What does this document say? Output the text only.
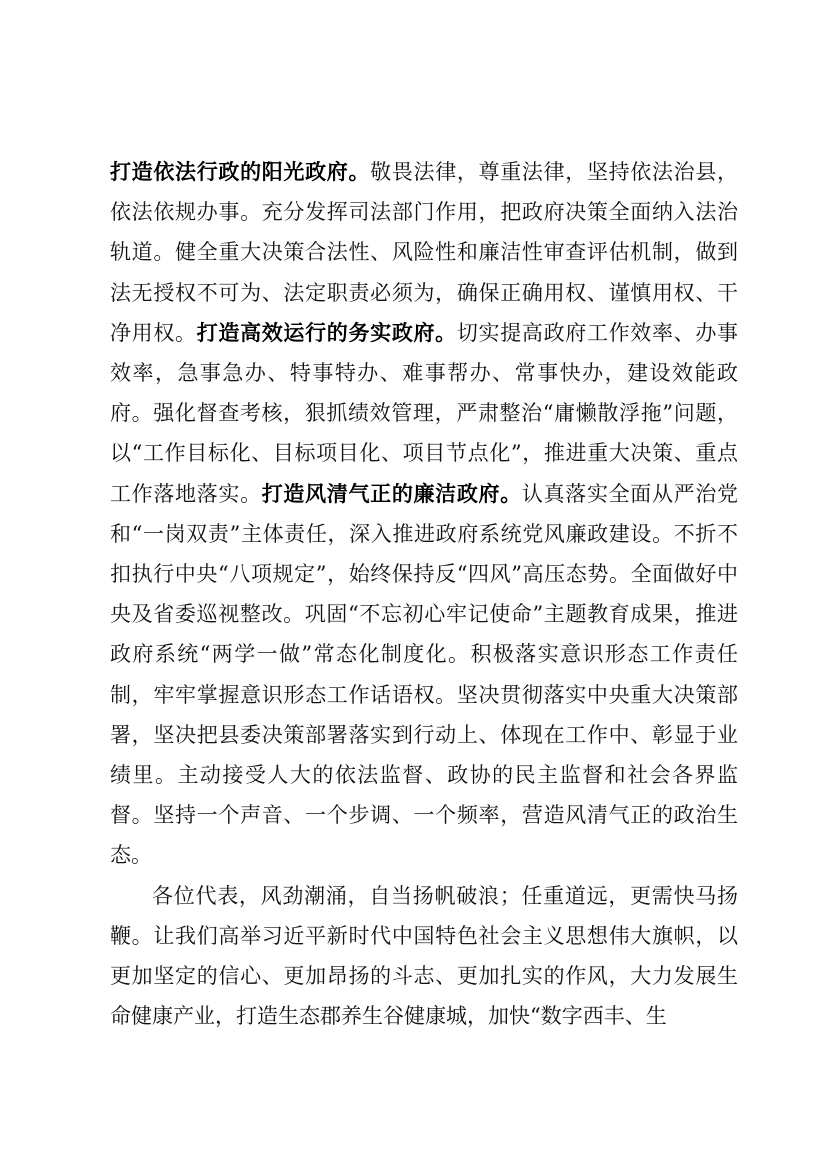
打造依法行政的阳光政府。敬畏法律，尊重法律，坚持依法治县，依法依规办事。充分发挥司法部门作用，把政府决策全面纳入法治轨道。健全重大决策合法性、风险性和廉洁性审查评估机制，做到法无授权不可为、法定职责必须为，确保正确用权、谨慎用权、干净用权。打造高效运行的务实政府。切实提高政府工作效率、办事效率，急事急办、特事特办、难事帮办、常事快办，建设效能政府。强化督查考核，狠抓绩效管理，严肃整治“庸懒散浮拖”问题，以“工作目标化、目标项目化、项目节点化”，推进重大决策、重点工作落地落实。打造风清气正的廉洁政府。认真落实全面从严治党和“一岗双责”主体责任，深入推进政府系统党风廉政建设。不折不扣执行中央“八项规定”，始终保持反“四风”高压态势。全面做好中央及省委巡视整改。巩固“不忘初心牢记使命”主题教育成果，推进政府系统“两学一做”常态化制度化。积极落实意识形态工作责任制，牢牢掌握意识形态工作话语权。坚决贯彻落实中央重大决策部署，坚决把县委决策部署落实到行动上、体现在工作中、彰显于业绩里。主动接受人大的依法监督、政协的民主监督和社会各界监督。坚持一个声音、一个步调、一个频率，营造风清气正的政治生态。

各位代表，风劲潮涌，自当扬帆破浪；任重道远，更需快马扬鞭。让我们高举习近平新时代中国特色社会主义思想伟大旗帜，以更加坚定的信心、更加昂扬的斗志、更加扎实的作风，大力发展生命健康产业，打造生态郡养生谷健康城，加快“数字西丰、生
